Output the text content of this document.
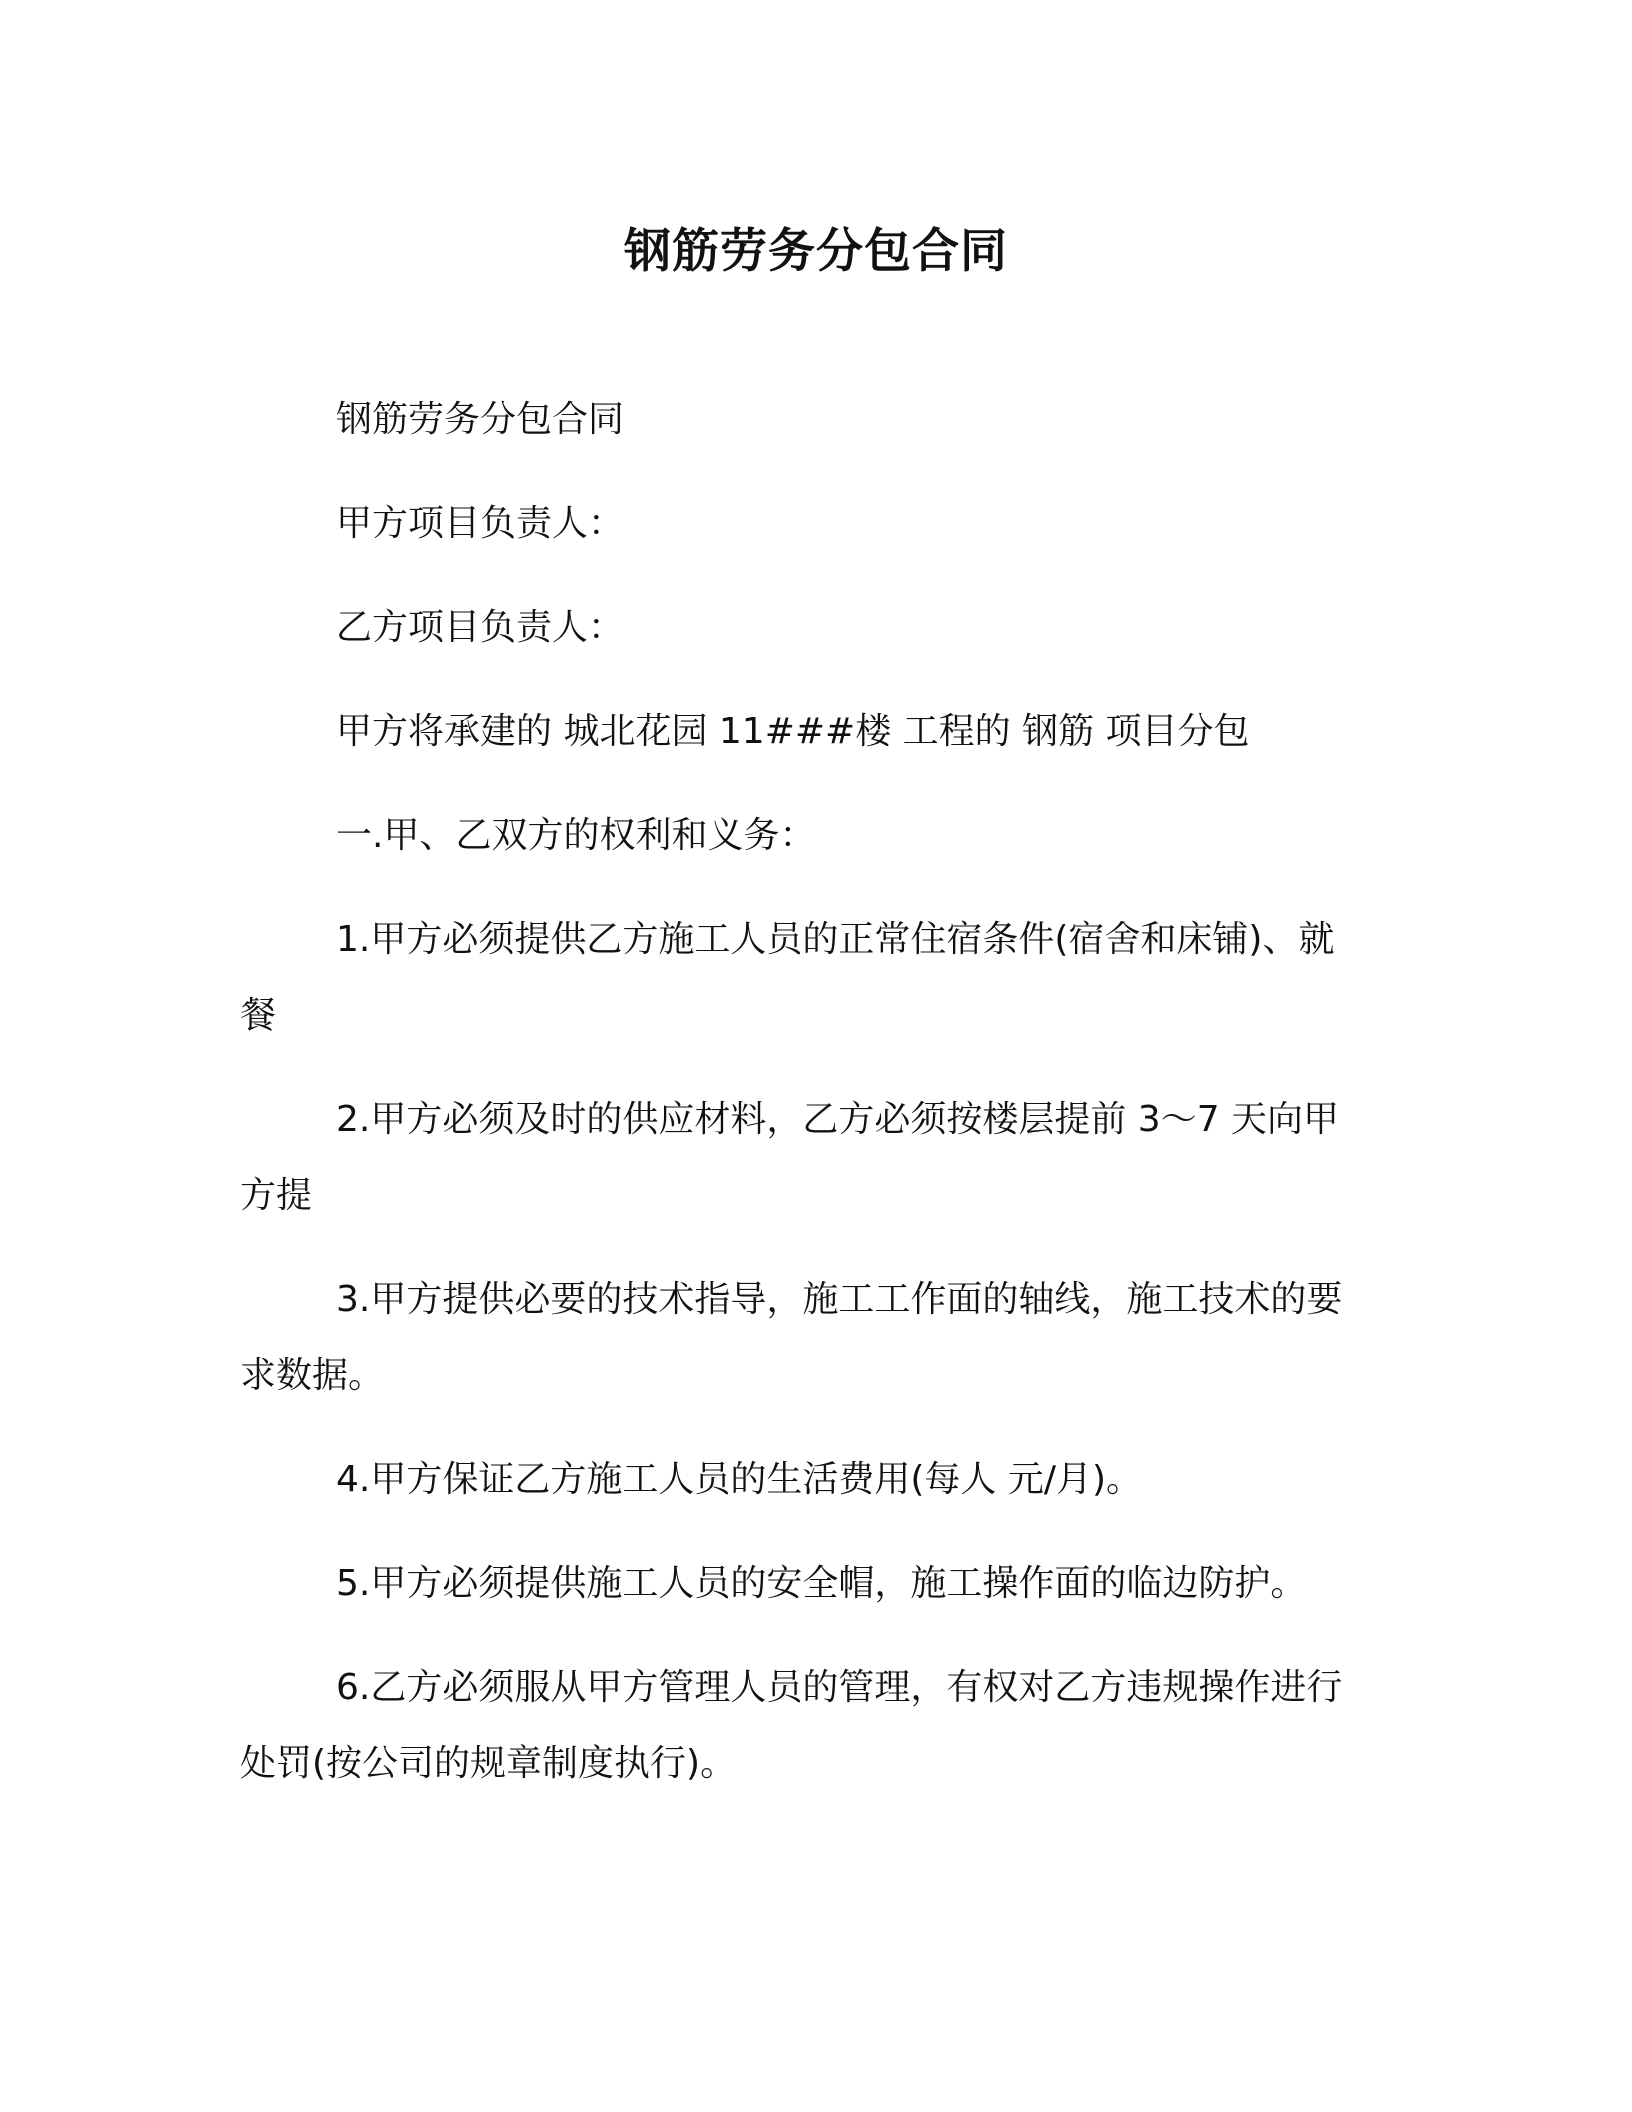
钢筋劳务分包合同

钢筋劳务分包合同

甲方项目负责人：

乙方项目负责人：

甲方将承建的 城北花园 11###楼 工程的 钢筋 项目分包

一.甲、乙双方的权利和义务：

1.甲方必须提供乙方施工人员的正常住宿条件(宿舍和床铺)、就
餐

2.甲方必须及时的供应材料，乙方必须按楼层提前 3～7 天向甲
方提

3.甲方提供必要的技术指导，施工工作面的轴线，施工技术的要
求数据。

4.甲方保证乙方施工人员的生活费用(每人 元/月)。

5.甲方必须提供施工人员的安全帽，施工操作面的临边防护。

6.乙方必须服从甲方管理人员的管理，有权对乙方违规操作进行
处罚(按公司的规章制度执行)。
